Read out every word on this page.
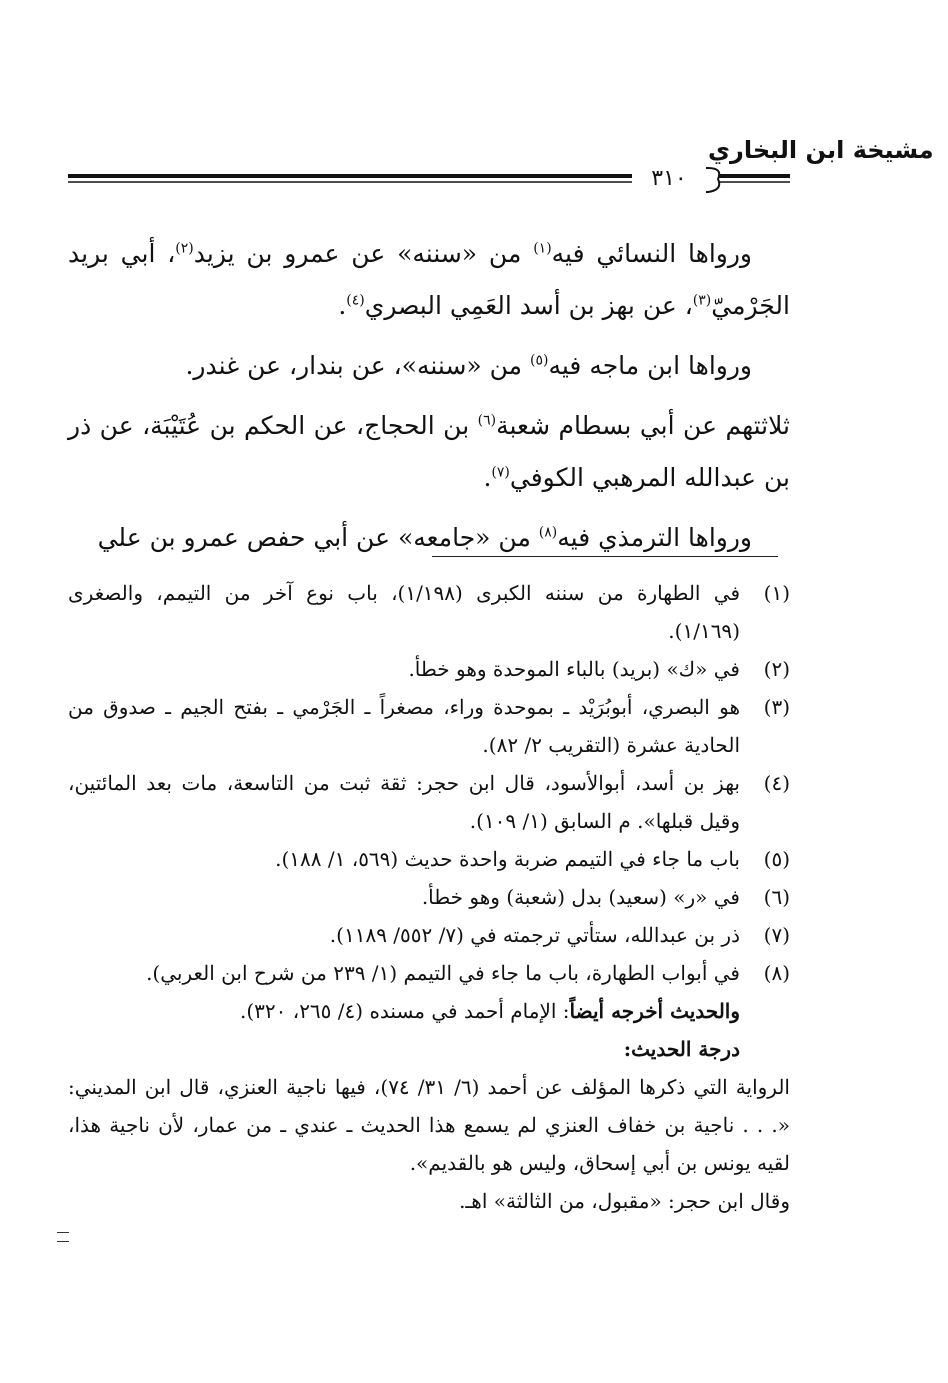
مشيخة ابن البخاري
٣١٠

ورواها النسائي فيه$^{(١)}$ من «سننه» عن عمرو بن يزيد$^{(٢)}$، أبي بريد الجَرْميّ$^{(٣)}$، عن بهز بن أسد العَمِي البصري$^{(٤)}$.

ورواها ابن ماجه فيه$^{(٥)}$ من «سننه»، عن بندار، عن غندر.

ثلاثتهم عن أبي بسطام شعبة$^{(٦)}$ بن الحجاج، عن الحكم بن عُتَيْبَة، عن ذر بن عبدالله المرهبي الكوفي$^{(٧)}$.

ورواها الترمذي فيه$^{(٨)}$ من «جامعه» عن أبي حفص عمرو بن علي

(١)
في الطهارة من سننه الكبرى (١/١٩٨)، باب نوع آخر من التيمم، والصغرى (١/١٦٩).
(٢)
في «ك» (بريد) بالباء الموحدة وهو خطأ.
(٣)
هو البصري، أبوبُرَيْد ـ بموحدة وراء، مصغراً ـ الجَرْمي ـ بفتح الجيم ـ صدوق من الحادية عشرة (التقريب ٢/ ٨٢).
(٤)
بهز بن أسد، أبوالأسود، قال ابن حجر: ثقة ثبت من التاسعة، مات بعد المائتين، وقيل قبلها». م السابق (١/ ١٠٩).
(٥)
باب ما جاء في التيمم ضربة واحدة حديث (٥٦٩، ١/ ١٨٨).
(٦)
في «ر» (سعيد) بدل (شعبة) وهو خطأ.
(٧)
ذر بن عبدالله، ستأتي ترجمته في (٧/ ٥٥٢/ ١١٨٩).
(٨)
في أبواب الطهارة، باب ما جاء في التيمم (١/ ٢٣٩ من شرح ابن العربي).

والحديث أخرجه أيضاً: الإمام أحمد في مسنده (٤/ ٢٦٥، ٣٢٠).

درجة الحديث:

الرواية التي ذكرها المؤلف عن أحمد (٦/ ٣١/ ٧٤)، فيها ناجية العنزي، قال ابن المديني: «. . . ناجية بن خفاف العنزي لم يسمع هذا الحديث ـ عندي ـ من عمار، لأن ناجية هذا، لقيه يونس بن أبي إسحاق، وليس هو بالقديم».

وقال ابن حجر: «مقبول، من الثالثة» اهـ.
